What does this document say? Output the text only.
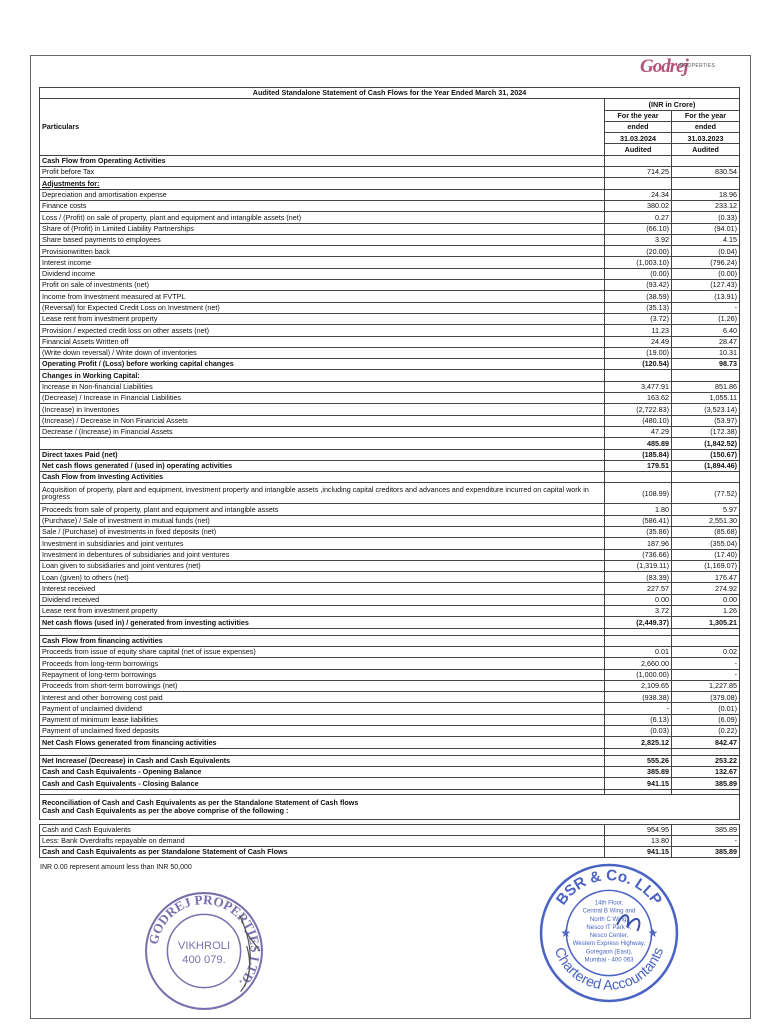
Godrej
PROPERTIES
Audited Standalone Statement of Cash Flows for the Year Ended March 31, 2024		
Particulars	(INR in Crore)	
	For the year	For the year
	ended	ended
	31.03.2024	31.03.2023
	Audited	Audited
Cash Flow from Operating Activities		
Profit before Tax	714.25	830.54
Adjustments for:		
Depreciation and amortisation expense	24.34	18.96
Finance costs	380.02	233.12
Loss / (Profit) on sale of property, plant and equipment and intangible assets (net)	0.27	(0.33)
Share of (Profit) in Limited Liability Partnerships	(66.10)	(94.01)
Share based payments to employees	3.92	4.15
Provisionwritten back	(20.00)	(0.04)
Interest income	(1,003.10)	(796.24)
Dividend income	(0.00)	(0.00)
Profit on sale of investments (net)	(93.42)	(127.43)
Income from Investment measured at FVTPL	(38.59)	(13.91)
(Reversal) for Expected Credit Loss on Investment (net)	(35.13)	-
Lease rent from investment property	(3.72)	(1.26)
Provision / expected credit loss on other assets (net)	11.23	6.40
Financial Assets Written off	24.49	28.47
(Write down reversal) / Write down of inventories	(19.00)	10.31
Operating Profit / (Loss) before working capital changes	(120.54)	98.73
Changes in Working Capital:		
Increase in Non-financial Liabilities	3,477.91	851.86
(Decrease) / Increase in Financial Liabilities	163.62	1,055.11
(Increase) in Inventories	(2,722.83)	(3,523.14)
(Increase) / Decrease in Non Financial Assets	(480.10)	(53.97)
Decrease / (Increase) in Financial Assets	47.29	(172.38)
	485.89	(1,842.52)
Direct taxes Paid (net)	(185.84)	(150.67)
Net cash flows generated / (used in) operating activities	179.51	(1,894.46)
Cash Flow from Investing Activities		
Acquisition of property, plant and equipment, investment property and intangible assets ,including capital creditors and advances and expenditure incurred on capital work in progress	(108.99)	(77.52)
Proceeds from sale of property, plant and equipment and intangible assets	1.80	5.97
(Purchase) / Sale of investment in mutual funds (net)	(586.41)	2,551.30
Sale / (Purchase) of investments in fixed deposits (net)	(35.86)	(85.68)
Investment in subsidiaries and joint ventures	187.96	(355.04)
Investment in debentures of subsidiaries and joint ventures	(736.66)	(17.40)
Loan given to subsidiaries and joint ventures (net)	(1,319.11)	(1,169.07)
Loan (given) to others (net)	(83.39)	176.47
Interest received	227.57	274.92
Dividend received	0.00	0.00
Lease rent from investment property	3.72	1.26
Net cash flows (used in) / generated from investing activities	(2,449.37)	1,305.21

Cash Flow from financing activities		
Proceeds from issue of equity share capital (net of issue expenses)	0.01	0.02
Proceeds from long-term borrowings	2,660.00	-
Repayment of long-term borrowings	(1,000.00)	-
Proceeds from short-term borrowings (net)	2,109.65	1,227.85
Interest and other borrowing cost paid	(938.38)	(379.08)
Payment of unclaimed dividend	-	(0.01)
Payment of minimum lease liabilities	(6.13)	(6.09)
Payment of unclaimed fixed deposits	(0.03)	(0.22)
Net Cash Flows generated from financing activities	2,825.12	842.47

Net Increase/ (Decrease) in Cash and Cash Equivalents	555.26	253.22
Cash and Cash Equivalents - Opening Balance	385.89	132.67
Cash and Cash Equivalents - Closing Balance	941.15	385.89

Reconciliation of Cash and Cash Equivalents as per the Standalone Statement of Cash flows
Cash and Cash Equivalents as per the above comprise of the following :		

Cash and Cash Equivalents	954.95	385.89
Less: Bank Overdrafts repayable on demand	13.80	-
Cash and Cash Equivalents as per Standalone Statement of Cash Flows	941.15	385.89
INR 0.00 represent amount less than INR 50,000
GODREJ PROPERTIES LTD.
VIKHROLI
400 079.
BSR & Co. LLP
Chartered Accountants
14th Floor,
Central B Wing and
North C Wing,
Nesco IT Park 4,
Nesco Center,
Western Express Highway,
Goregaon (East),
Mumbai - 400 063
★	★
